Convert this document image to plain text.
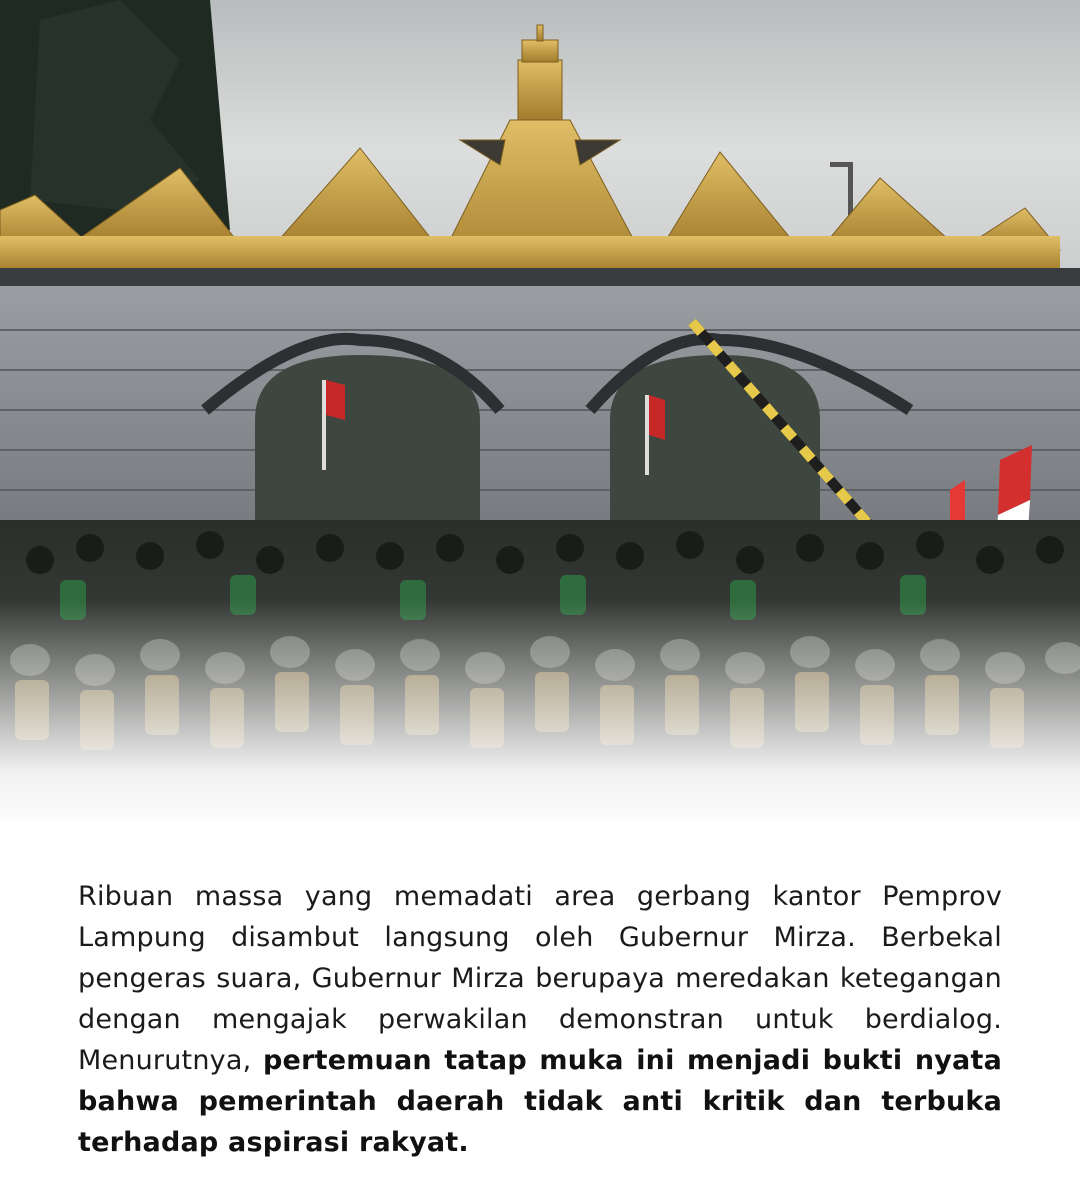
Ribuan massa yang memadati area gerbang kantor Pemprov Lampung disambut langsung oleh Gubernur Mirza. Berbekal pengeras suara, Gubernur Mirza berupaya meredakan ketegangan dengan mengajak perwakilan demonstran untuk berdialog. Menurutnya, pertemuan tatap muka ini menjadi bukti nyata bahwa pemerintah daerah tidak anti kritik dan terbuka terhadap aspirasi rakyat.
